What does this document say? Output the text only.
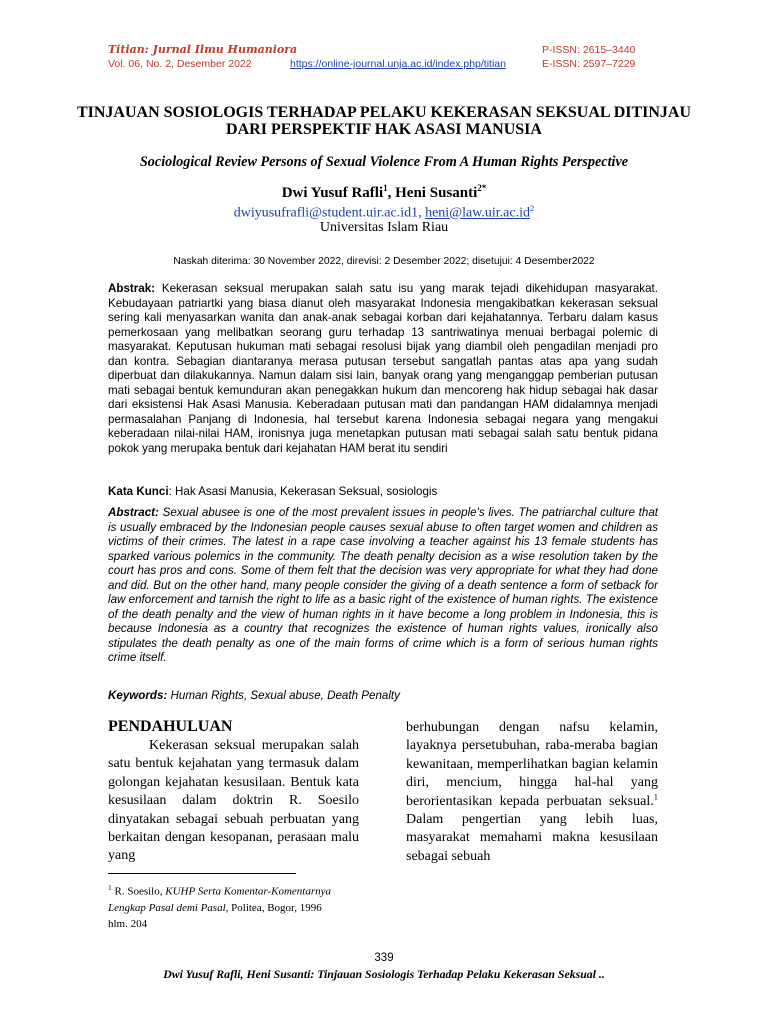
Titian: Jurnal Ilmu Humaniora
Vol. 06, No. 2, Desember 2022	https://online-journal.unja.ac.id/index.php/titian
P-ISSN: 2615–3440
E-ISSN: 2597–7229
TINJAUAN SOSIOLOGIS TERHADAP PELAKU KEKERASAN SEKSUAL DITINJAU DARI PERSPEKTIF HAK ASASI MANUSIA
Sociological Review Persons of Sexual Violence From A Human Rights Perspective
Dwi Yusuf Rafli$^1$, Heni Susanti$^{2*}$
dwiyusufrafli@student.uir.ac.id1, $heni@law.uir.ac.id^2$
Universitas Islam Riau
Naskah diterima: 30 November 2022, direvisi: 2 Desember 2022; disetujui: 4 Desember2022
Abstrak: Kekerasan seksual merupakan salah satu isu yang marak tejadi dikehidupan masyarakat. Kebudayaan patriartki yang biasa dianut oleh masyarakat Indonesia mengakibatkan kekerasan seksual sering kali menyasarkan wanita dan anak-anak sebagai korban dari kejahatannya. Terbaru dalam kasus pemerkosaan yang melibatkan seorang guru terhadap 13 santriwatinya menuai berbagai polemic di masyarakat. Keputusan hukuman mati sebagai resolusi bijak yang diambil oleh pengadilan menjadi pro dan kontra. Sebagian diantaranya merasa putusan tersebut sangatlah pantas atas apa yang sudah diperbuat dan dilakukannya. Namun dalam sisi lain, banyak orang yang menganggap pemberian putusan mati sebagai bentuk kemunduran akan penegakkan hukum dan mencoreng hak hidup sebagai hak dasar dari eksistensi Hak Asasi Manusia. Keberadaan putusan mati dan pandangan HAM didalamnya menjadi permasalahan Panjang di Indonesia, hal tersebut karena Indonesia sebagai negara yang mengakui keberadaan nilai-nilai HAM, ironisnya juga menetapkan putusan mati sebagai salah satu bentuk pidana pokok yang merupaka bentuk dari kejahatan HAM berat itu sendiri
Kata Kunci: Hak Asasi Manusia, Kekerasan Seksual, sosiologis
Abstract: Sexual abusee is one of the most prevalent issues in people's lives. The patriarchal culture that is usually embraced by the Indonesian people causes sexual abuse to often target women and children as victims of their crimes. The latest in a rape case involving a teacher against his 13 female students has sparked various polemics in the community. The death penalty decision as a wise resolution taken by the court has pros and cons. Some of them felt that the decision was very appropriate for what they had done and did. But on the other hand, many people consider the giving of a death sentence a form of setback for law enforcement and tarnish the right to life as a basic right of the existence of human rights. The existence of the death penalty and the view of human rights in it have become a long problem in Indonesia, this is because Indonesia as a country that recognizes the existence of human rights values, ironically also stipulates the death penalty as one of the main forms of crime which is a form of serious human rights crime itself.
Keywords: Human Rights, Sexual abuse, Death Penalty
PENDAHULUAN
Kekerasan seksual merupakan salah satu bentuk kejahatan yang termasuk dalam golongan kejahatan kesusilaan. Bentuk kata kesusilaan dalam doktrin R. Soesilo dinyatakan sebagai sebuah perbuatan yang berkaitan dengan kesopanan, perasaan malu yang
berhubungan dengan nafsu kelamin, layaknya persetubuhan, raba-meraba bagian kewanitaan, memperlihatkan bagian kelamin diri, mencium, hingga hal-hal yang berorientasikan kepada perbuatan seksual.$^1$ Dalam pengertian yang lebih luas, masyarakat memahami makna kesusilaan sebagai sebuah
$^1$ R. Soesilo, KUHP Serta Komentar-Komentarnya Lengkap Pasal demi Pasal, Politea, Bogor, 1996 hlm. 204
339
Dwi Yusuf Rafli, Heni Susanti: Tinjauan Sosiologis Terhadap Pelaku Kekerasan Seksual ..
